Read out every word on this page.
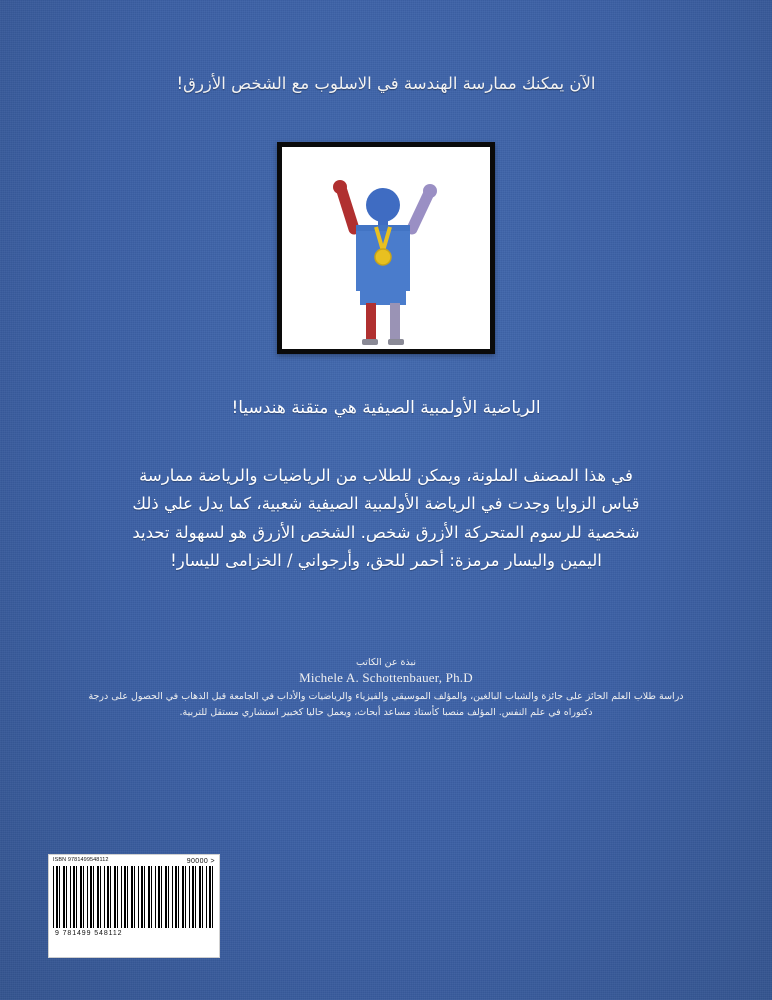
الآن يمكنك ممارسة الهندسة في الاسلوب مع الشخص الأزرق!
الرياضية الأولمبية الصيفية هي متقنة هندسيا!
في هذا المصنف الملونة، ويمكن للطلاب من الرياضيات والرياضة ممارسة قياس الزوايا وجدت في الرياضة الأولمبية الصيفية شعبية، كما يدل علي ذلك شخصية للرسوم المتحركة الأزرق شخص. الشخص الأزرق هو لسهولة تحديد اليمين واليسار مرمزة: أحمر للحق، وأرجواني / الخزامى لليسار!
نبذة عن الكاتب
Michele A. Schottenbauer, Ph.D
دراسة طلاب العلم الحائز على جائزة والشباب البالغين، والمؤلف الموسيقي والفيزياء والرياضيات والأداب في الجامعة قبل الذهاب في الحصول على درجة دكتوراه في علم النفس. المؤلف منصبا كأستاذ مساعد أبحاث، ويعمل حاليا كخبير استشاري مستقل للتربية.
ISBN 9781499548112	90000 >
9 781499 548112
